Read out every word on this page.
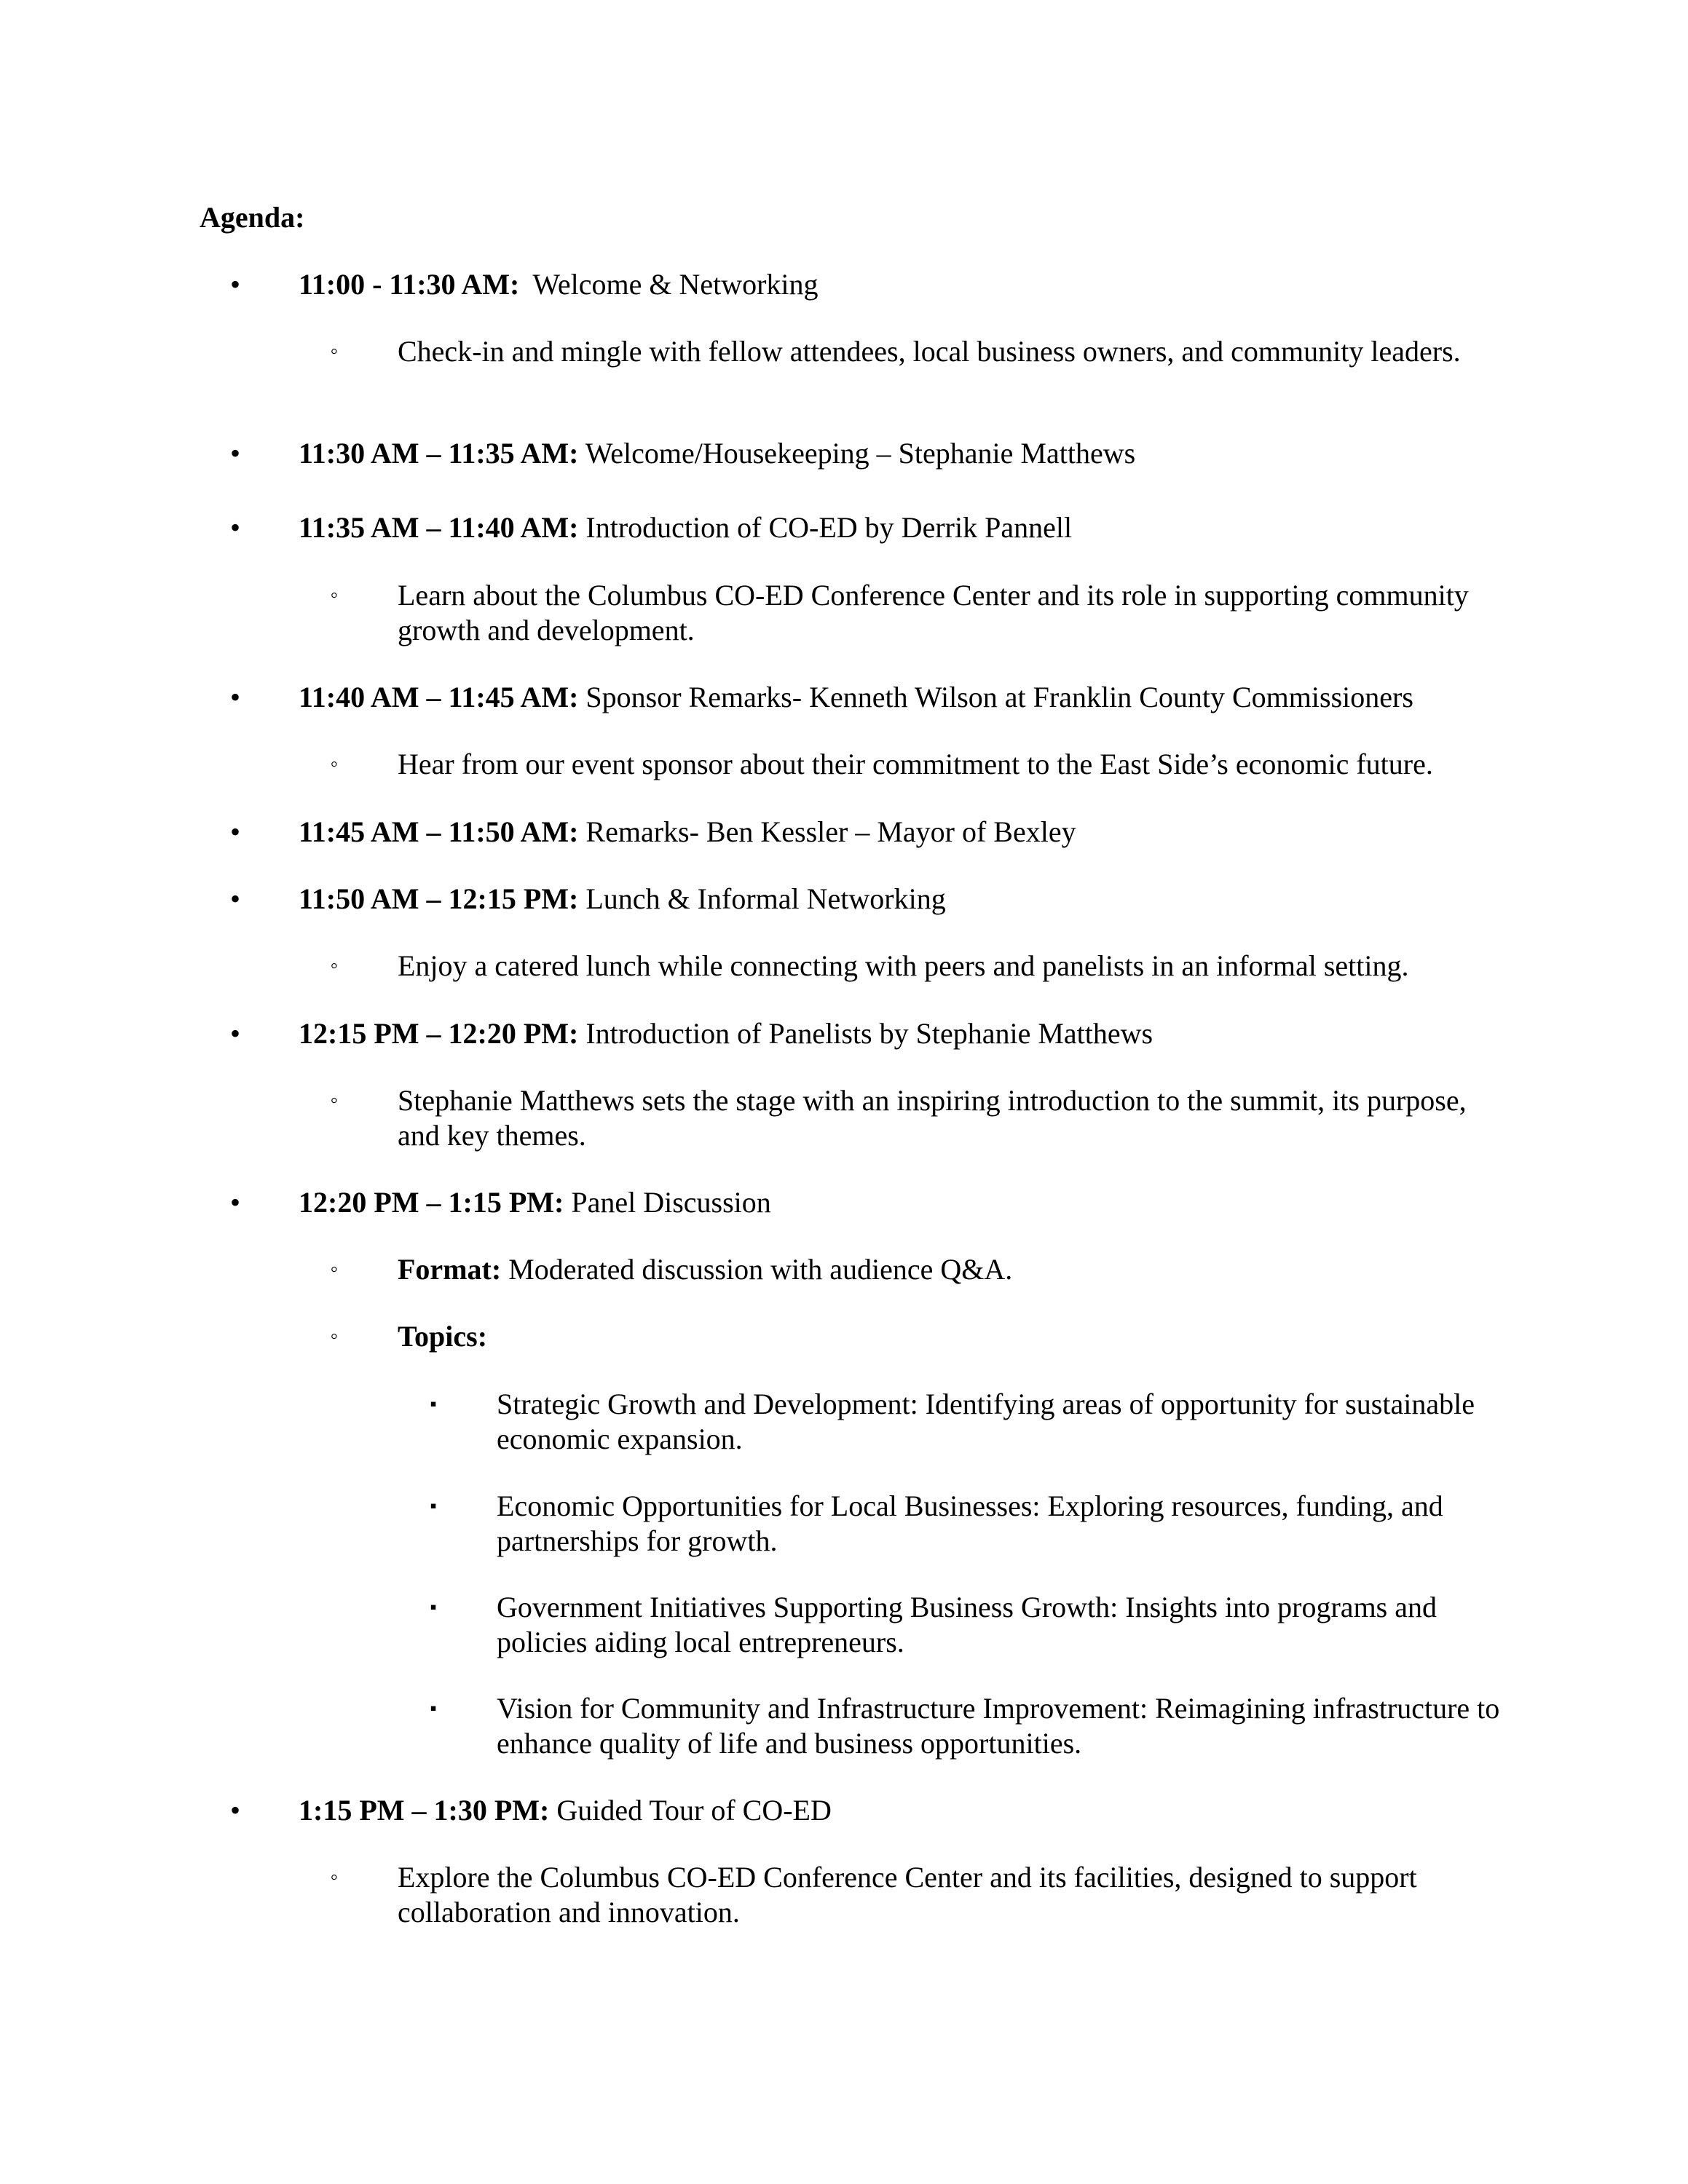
Agenda:

•	11:00 - 11:30 AM: Welcome & Networking
◦	Check-in and mingle with fellow attendees, local business owners, and community leaders.
•	11:30 AM – 11:35 AM: Welcome/Housekeeping – Stephanie Matthews
•	11:35 AM – 11:40 AM: Introduction of CO-ED by Derrik Pannell
◦	Learn about the Columbus CO-ED Conference Center and its role in supporting community growth and development.
•	11:40 AM – 11:45 AM: Sponsor Remarks- Kenneth Wilson at Franklin County Commissioners
◦	Hear from our event sponsor about their commitment to the East Side’s economic future.
•	11:45 AM – 11:50 AM: Remarks- Ben Kessler – Mayor of Bexley
•	11:50 AM – 12:15 PM: Lunch & Informal Networking
◦	Enjoy a catered lunch while connecting with peers and panelists in an informal setting.
•	12:15 PM – 12:20 PM: Introduction of Panelists by Stephanie Matthews
◦	Stephanie Matthews sets the stage with an inspiring introduction to the summit, its purpose, and key themes.
•	12:20 PM – 1:15 PM: Panel Discussion
◦	Format: Moderated discussion with audience Q&A.
◦	Topics:
▪	Strategic Growth and Development: Identifying areas of opportunity for sustainable economic expansion.
▪	Economic Opportunities for Local Businesses: Exploring resources, funding, and partnerships for growth.
▪	Government Initiatives Supporting Business Growth: Insights into programs and policies aiding local entrepreneurs.
▪	Vision for Community and Infrastructure Improvement: Reimagining infrastructure to enhance quality of life and business opportunities.
•	1:15 PM – 1:30 PM: Guided Tour of CO-ED
◦	Explore the Columbus CO-ED Conference Center and its facilities, designed to support collaboration and innovation.
